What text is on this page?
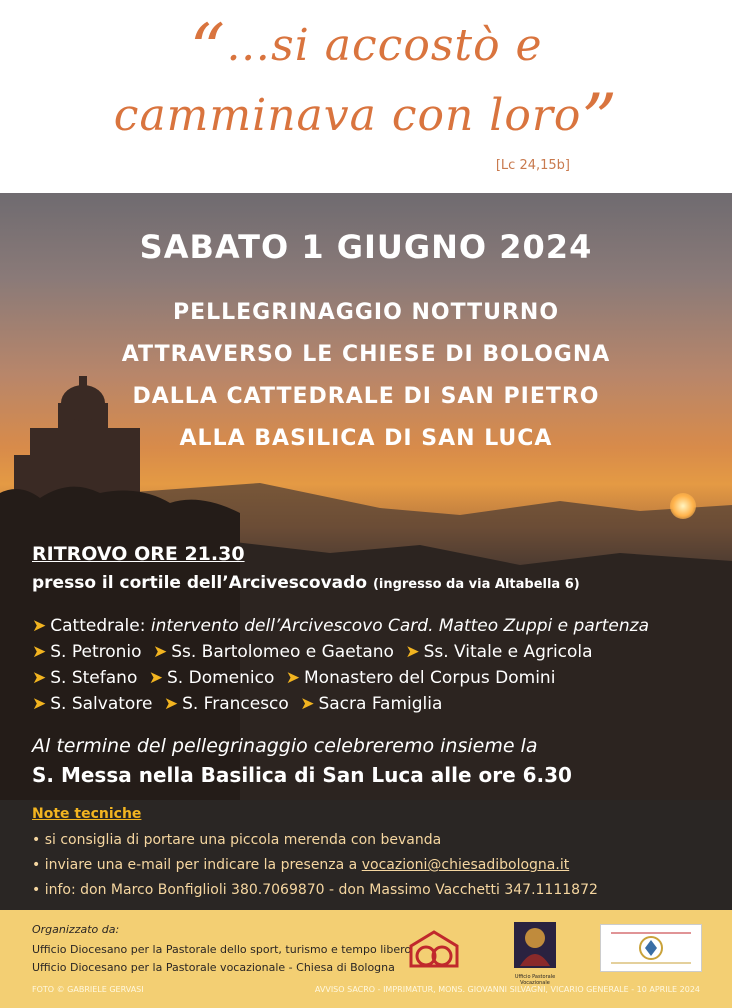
“…si accostò e
camminava con loro”
[Lc 24,15b]
SABATO 1 GIUGNO 2024
PELLEGRINAGGIO NOTTURNO
ATTRAVERSO LE CHIESE DI BOLOGNA
DALLA CATTEDRALE DI SAN PIETRO
ALLA BASILICA DI SAN LUCA
RITROVO ORE 21.30
presso il cortile dell’Arcivescovado (ingresso da via Altabella 6)
➤ Cattedrale: intervento dell’Arcivescovo Card. Matteo Zuppi e partenza
➤ S. Petronio ➤ Ss. Bartolomeo e Gaetano ➤ Ss. Vitale e Agricola
➤ S. Stefano ➤ S. Domenico ➤ Monastero del Corpus Domini
➤ S. Salvatore ➤ S. Francesco ➤ Sacra Famiglia
Al termine del pellegrinaggio celebreremo insieme la
S. Messa nella Basilica di San Luca alle ore 6.30
Note tecniche
• si consiglia di portare una piccola merenda con bevanda
• inviare una e-mail per indicare la presenza a vocazioni@chiesadibologna.it
• info: don Marco Bonfiglioli 380.7069870 - don Massimo Vacchetti 347.1111872
Organizzato da:
Ufficio Diocesano per la Pastorale dello sport, turismo e tempo libero
Ufficio Diocesano per la Pastorale vocazionale - Chiesa di Bologna
Ufficio Pastorale Vocazionale
FOTO © GABRIELE GERVASI	AVVISO SACRO - IMPRIMATUR, MONS. GIOVANNI SILVAGNI, VICARIO GENERALE - 10 APRILE 2024
